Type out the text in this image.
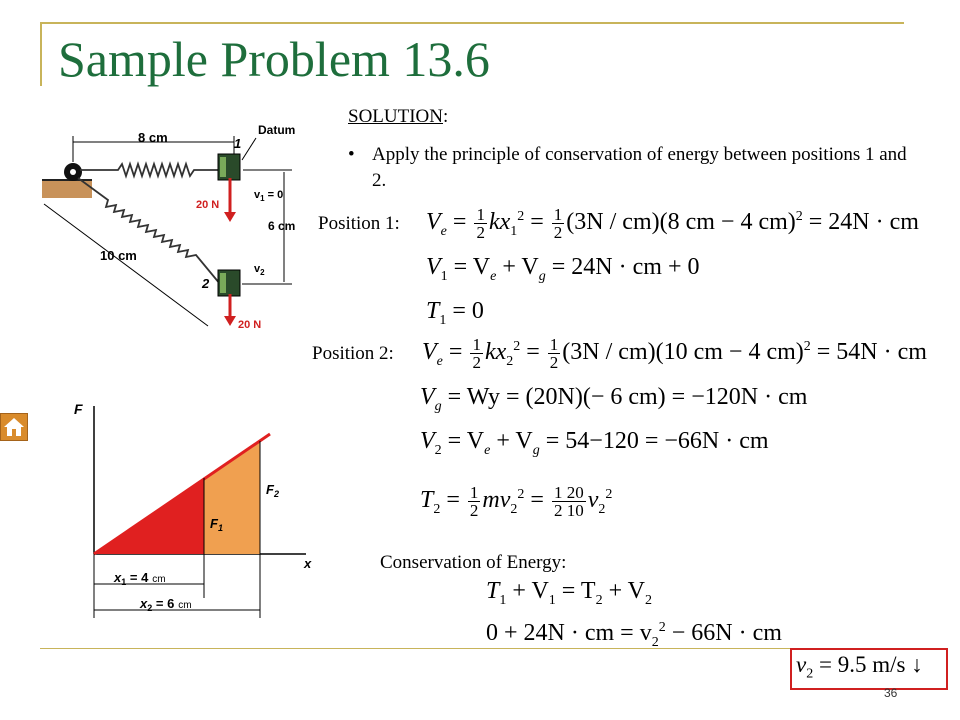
Sample Problem 13.6
SOLUTION:
• Apply the principle of conservation of energy between positions 1 and 2.
8 cm	1
Datum
20 N
$v_1 = 0$
6 cm
2
$v_2$
20 N
10 cm
F
x
$F_1$
$F_2$
$x_1 = 4$ cm
$x_2 = 6$ cm
Position 1: $V_e = \frac{1}{2} kx_1^2 = \frac{1}{2} (3N / cm)(8$ cm − 4 cm)$^2$ = 24N · cm
$V_1 = V_e + V_g = 24N$ · cm + 0
$T_1 = 0$
Position 2: $V_e = \frac{1}{2} kx_2^2 = \frac{1}{2} (3N / cm)(10$ cm − 4 cm)$^2$ = 54N · cm
$V_g = Wy = (20N)(- 6$ cm) = −120N · cm
$V_2 = V_e + V_g = 54-120 = -66N$ · cm
$T_2 = \frac{1}{2} mv_2^2 = \frac{1 20}{2 10} v_2^2$
Conservation of Energy:
$T_1 + V_1 = T_2 + V_2$
0 + 24N · cm = $v_2^2 - 66N$ · cm
$v_2 = 9.5$ m/s ↓
36
